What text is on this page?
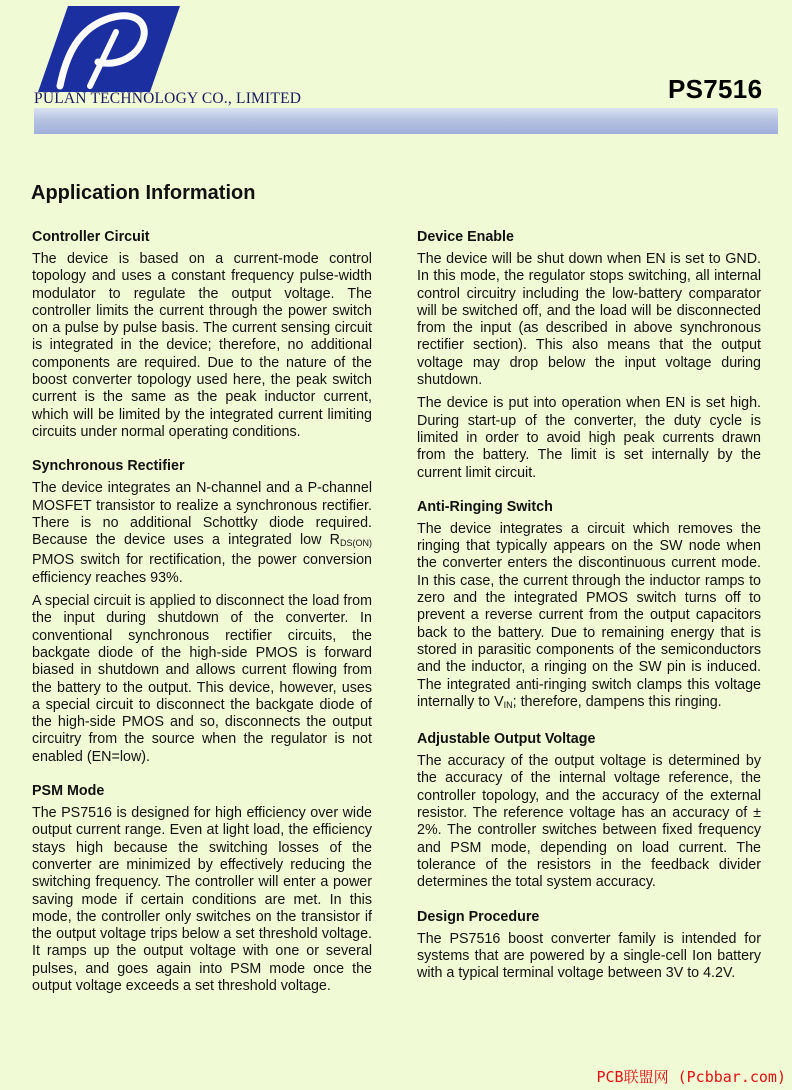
PULAN TECHNOLOGY CO., LIMITED	PS7516
Application Information
Controller Circuit

The device is based on a current-mode control topology and uses a constant frequency pulse-width modulator to regulate the output voltage. The controller limits the current through the power switch on a pulse by pulse basis. The current sensing circuit is integrated in the device; therefore, no additional components are required. Due to the nature of the boost converter topology used here, the peak switch current is the same as the peak inductor current, which will be limited by the integrated current limiting circuits under normal operating conditions.

Synchronous Rectifier

The device integrates an N-channel and a P-channel MOSFET transistor to realize a synchronous rectifier. There is no additional Schottky diode required. Because the device uses a integrated low $R_{DS(ON)}$ PMOS switch for rectification, the power conversion efficiency reaches 93%.

A special circuit is applied to disconnect the load from the input during shutdown of the converter. In conventional synchronous rectifier circuits, the backgate diode of the high-side PMOS is forward biased in shutdown and allows current flowing from the battery to the output. This device, however, uses a special circuit to disconnect the backgate diode of the high-side PMOS and so, disconnects the output circuitry from the source when the regulator is not enabled (EN=low).

PSM Mode

The PS7516 is designed for high efficiency over wide output current range. Even at light load, the efficiency stays high because the switching losses of the converter are minimized by effectively reducing the switching frequency. The controller will enter a power saving mode if certain conditions are met. In this mode, the controller only switches on the transistor if the output voltage trips below a set threshold voltage. It ramps up the output voltage with one or several pulses, and goes again into PSM mode once the output voltage exceeds a set threshold voltage.

Device Enable

The device will be shut down when EN is set to GND. In this mode, the regulator stops switching, all internal control circuitry including the low-battery comparator will be switched off, and the load will be disconnected from the input (as described in above synchronous rectifier section). This also means that the output voltage may drop below the input voltage during shutdown.

The device is put into operation when EN is set high. During start-up of the converter, the duty cycle is limited in order to avoid high peak currents drawn from the battery. The limit is set internally by the current limit circuit.

Anti-Ringing Switch

The device integrates a circuit which removes the ringing that typically appears on the SW node when the converter enters the discontinuous current mode. In this case, the current through the inductor ramps to zero and the integrated PMOS switch turns off to prevent a reverse current from the output capacitors back to the battery. Due to remaining energy that is stored in parasitic components of the semiconductors and the inductor, a ringing on the SW pin is induced. The integrated anti-ringing switch clamps this voltage internally to $V_{IN}$; therefore, dampens this ringing.

Adjustable Output Voltage

The accuracy of the output voltage is determined by the accuracy of the internal voltage reference, the controller topology, and the accuracy of the external resistor. The reference voltage has an accuracy of ± 2%. The controller switches between fixed frequency and PSM mode, depending on load current. The tolerance of the resistors in the feedback divider determines the total system accuracy.

Design Procedure

The PS7516 boost converter family is intended for systems that are powered by a single-cell Ion battery with a typical terminal voltage between 3V to 4.2V.

PCB联盟网 (Pcbbar.com)
